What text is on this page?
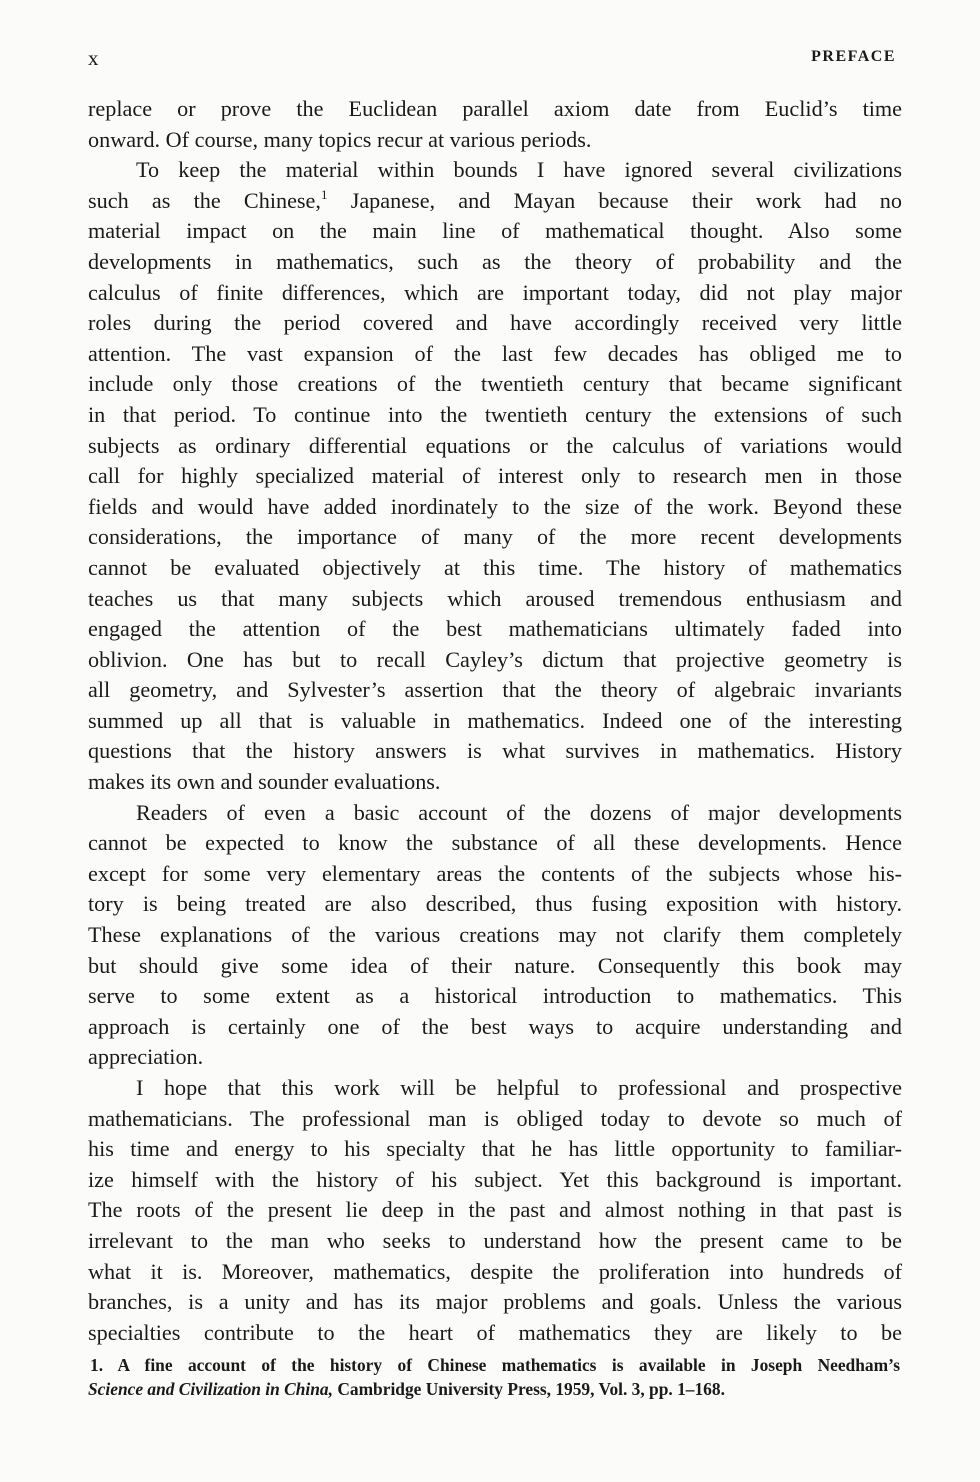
x	PREFACE
replace or prove the Euclidean parallel axiom date from Euclid’s time
onward. Of course, many topics recur at various periods.
To keep the material within bounds I have ignored several civilizations
such as the Chinese,$^1$ Japanese, and Mayan because their work had no
material impact on the main line of mathematical thought. Also some
developments in mathematics, such as the theory of probability and the
calculus of finite differences, which are important today, did not play major
roles during the period covered and have accordingly received very little
attention. The vast expansion of the last few decades has obliged me to
include only those creations of the twentieth century that became significant
in that period. To continue into the twentieth century the extensions of such
subjects as ordinary differential equations or the calculus of variations would
call for highly specialized material of interest only to research men in those
fields and would have added inordinately to the size of the work. Beyond these
considerations, the importance of many of the more recent developments
cannot be evaluated objectively at this time. The history of mathematics
teaches us that many subjects which aroused tremendous enthusiasm and
engaged the attention of the best mathematicians ultimately faded into
oblivion. One has but to recall Cayley’s dictum that projective geometry is
all geometry, and Sylvester’s assertion that the theory of algebraic invariants
summed up all that is valuable in mathematics. Indeed one of the interesting
questions that the history answers is what survives in mathematics. History
makes its own and sounder evaluations.
Readers of even a basic account of the dozens of major developments
cannot be expected to know the substance of all these developments. Hence
except for some very elementary areas the contents of the subjects whose his-
tory is being treated are also described, thus fusing exposition with history.
These explanations of the various creations may not clarify them completely
but should give some idea of their nature. Consequently this book may
serve to some extent as a historical introduction to mathematics. This
approach is certainly one of the best ways to acquire understanding and
appreciation.
I hope that this work will be helpful to professional and prospective
mathematicians. The professional man is obliged today to devote so much of
his time and energy to his specialty that he has little opportunity to familiar-
ize himself with the history of his subject. Yet this background is important.
The roots of the present lie deep in the past and almost nothing in that past is
irrelevant to the man who seeks to understand how the present came to be
what it is. Moreover, mathematics, despite the proliferation into hundreds of
branches, is a unity and has its major problems and goals. Unless the various
specialties contribute to the heart of mathematics they are likely to be
1. A fine account of the history of Chinese mathematics is available in Joseph Needham’s
Science and Civilization in China, Cambridge University Press, 1959, Vol. 3, pp. 1–168.
